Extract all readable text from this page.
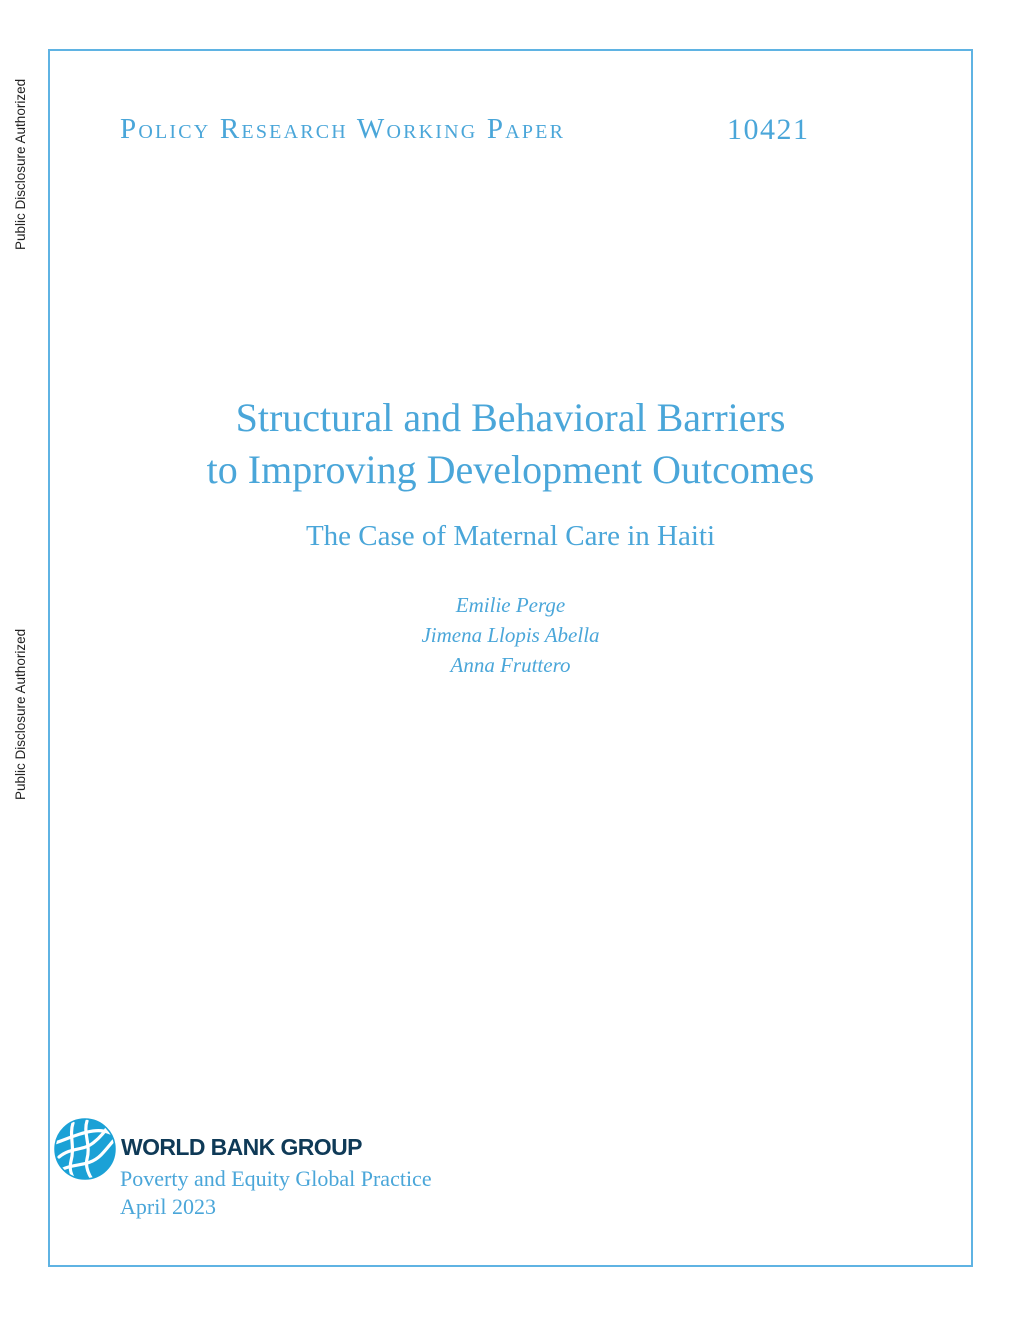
Public Disclosure Authorized
Public Disclosure Authorized
Policy Research Working Paper	10421
Structural and Behavioral Barriers
to Improving Development Outcomes
The Case of Maternal Care in Haiti
Emilie Perge
Jimena Llopis Abella
Anna Fruttero
WORLD BANK GROUP
Poverty and Equity Global Practice
April 2023
